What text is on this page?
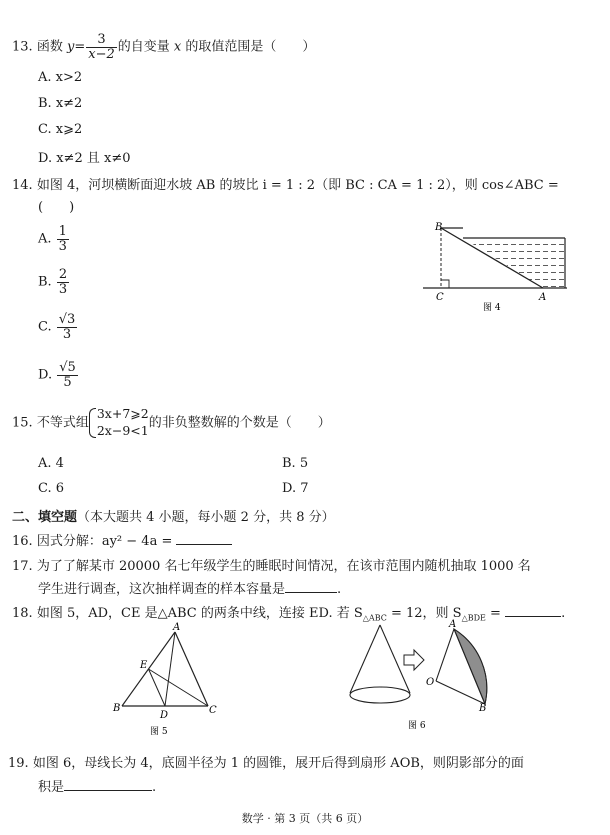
13. 函数 $y= \frac{3}{x-2}$ 的自变量 x 的取值范围是（　　）
A. x>2
B. x≠2
C. x⩾2
D. x≠2 且 x≠0
14. 如图 4，河坝横断面迎水坡 AB 的坡比 i = 1 : 2（即 BC : CA = 1 : 2），则 cos∠ABC =
(　　)
A. $\frac{1}{3}$
B. $\frac{2}{3}$
C. $\frac{√3}{3}$
D. $\frac{√5}{5}$
B
C	A
图 4
15. 不等式组
3x+7⩾2
2x−9<1 的非负整数解的个数是（　　）
A. 4	B. 5
C. 6	D. 7
二、填空题（本大题共 4 小题，每小题 2 分，共 8 分）
16. 因式分解：ay² − 4a =
17. 为了了解某市 20000 名七年级学生的睡眠时间情况，在该市范围内随机抽取 1000 名
学生进行调查，这次抽样调查的样本容量是	.
18. 如图 5，AD，CE 是△ABC 的两条中线，连接 ED. 若 $S_{\triangle ABC} = 12$，则 $S_{\triangle BDE}$ =	.
A
B	C
D
E
图 5
A
O
B
图 6
19. 如图 6，母线长为 4，底圆半径为 1 的圆锥，展开后得到扇形 AOB，则阴影部分的面
积是	.
数学 · 第 3 页（共 6 页）
